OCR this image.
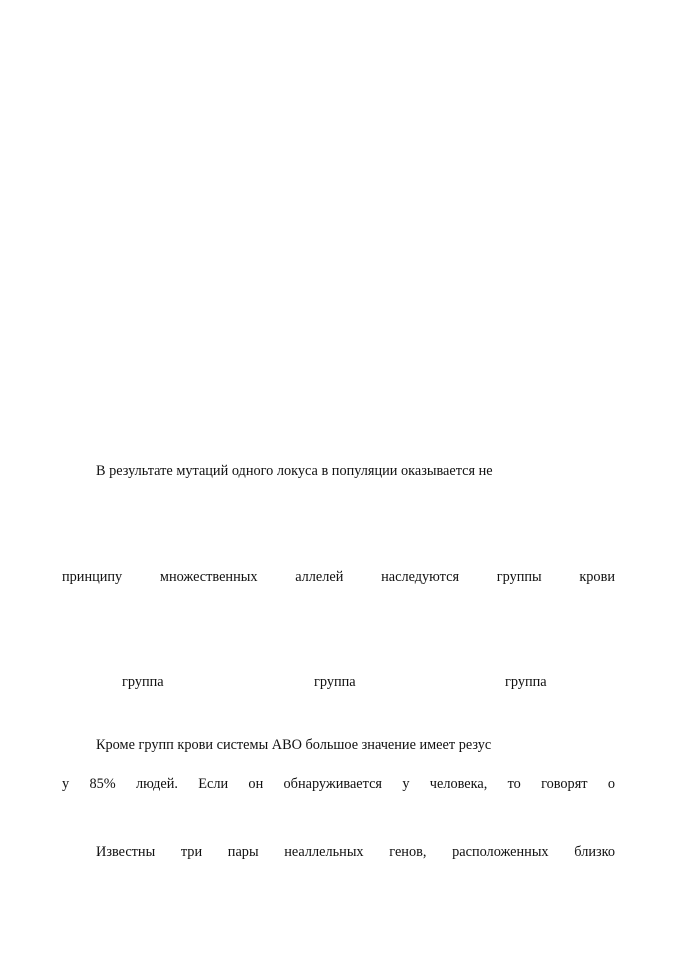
В результате мутаций одного локуса в популяции оказывается не
принципу множественных аллелей наследуются группы крови
группа	группа	группа
Кроме групп крови системы АВО большое значение имеет резус
у 85% людей. Если он обнаруживается у человека, то говорят о
Известны три пары неаллельных генов, расположенных близко
